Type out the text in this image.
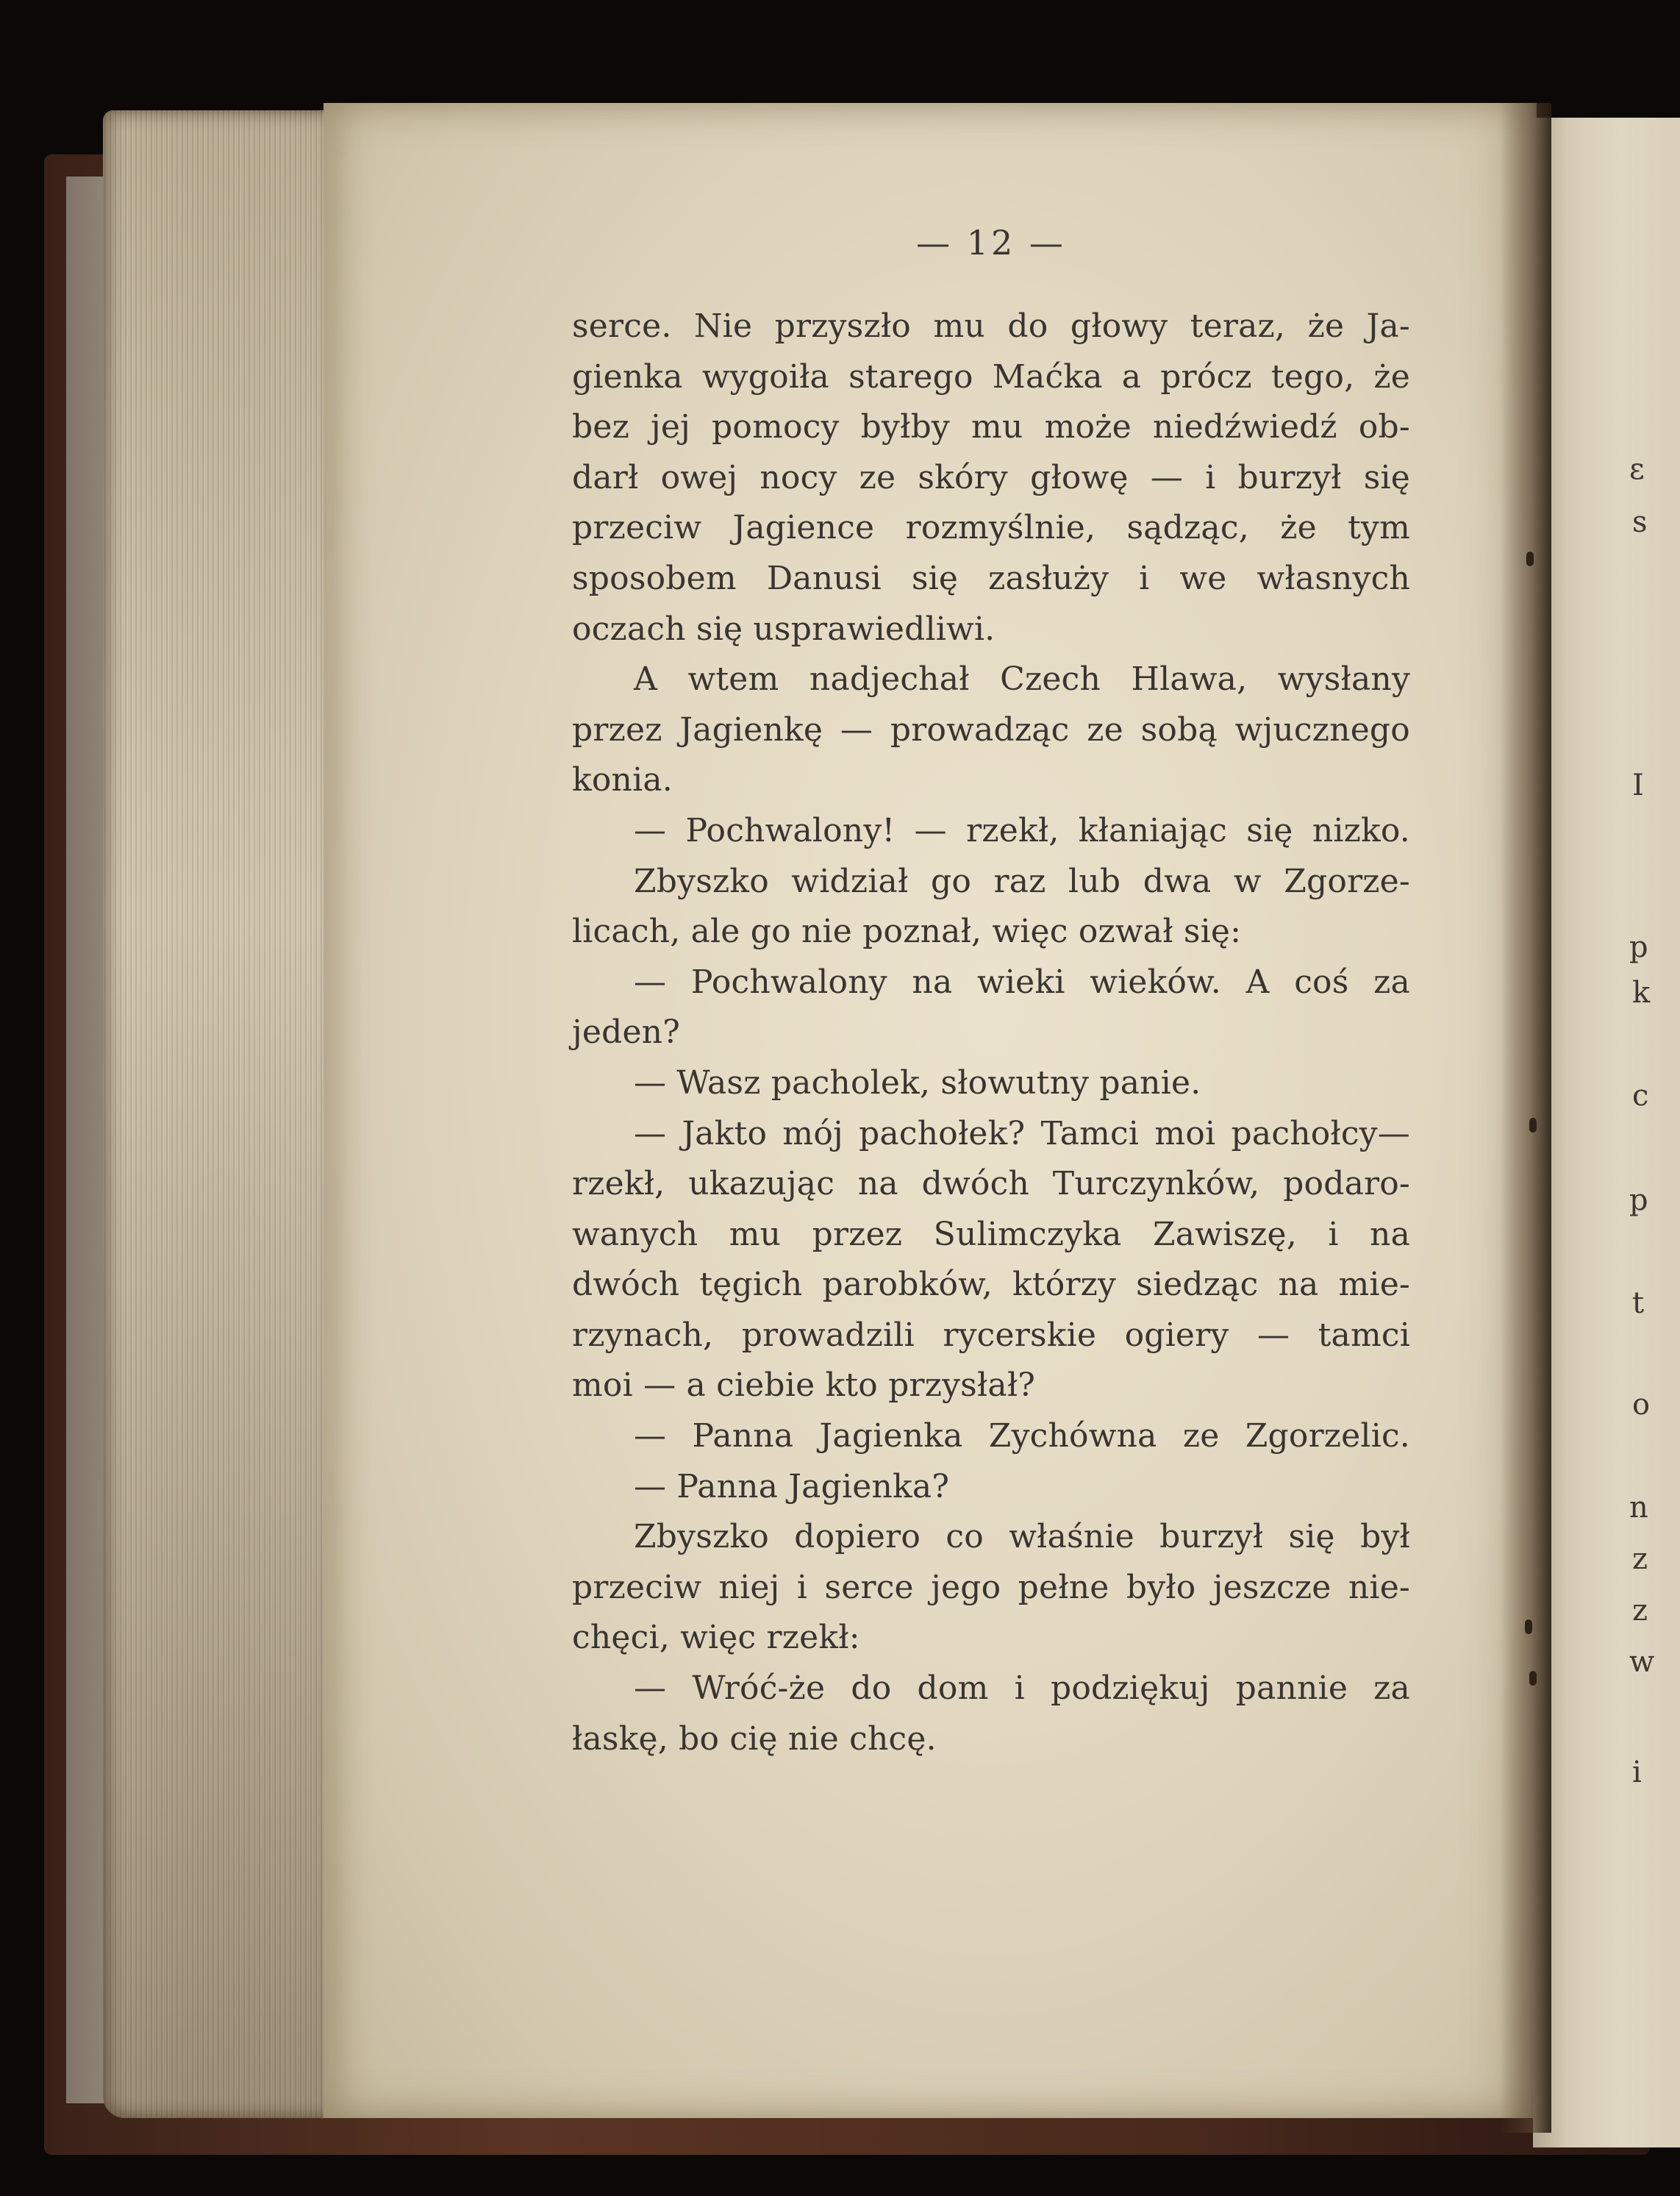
— 12 —
serce. Nie przyszło mu do głowy teraz, że Ja-
gienka wygoiła starego Maćka a prócz tego, że
bez jej pomocy byłby mu może niedźwiedź ob-
darł owej nocy ze skóry głowę — i burzył się
przeciw Jagience rozmyślnie, sądząc, że tym
sposobem Danusi się zasłuży i we własnych
oczach się usprawiedliwi.
A wtem nadjechał Czech Hlawa, wysłany
przez Jagienkę — prowadząc ze sobą wjucznego
konia.
— Pochwalony! — rzekł, kłaniając się nizko.
Zbyszko widział go raz lub dwa w Zgorze-
licach, ale go nie poznał, więc ozwał się:
— Pochwalony na wieki wieków. A coś za
jeden?
— Wasz pacholek, słowutny panie.
— Jakto mój pachołek? Tamci moi pachołcy—
rzekł, ukazując na dwóch Turczynków, podaro-
wanych mu przez Sulimczyka Zawiszę, i na
dwóch tęgich parobków, którzy siedząc na mie-
rzynach, prowadzili rycerskie ogiery — tamci
moi — a ciebie kto przysłał?
— Panna Jagienka Zychówna ze Zgorzelic.
— Panna Jagienka?
Zbyszko dopiero co właśnie burzył się był
przeciw niej i serce jego pełne było jeszcze nie-
chęci, więc rzekł:
— Wróć-że do dom i podziękuj pannie za
łaskę, bo cię nie chcę.
ε
s
I
p
k
c
p
t
o
n
z
z
w
i
